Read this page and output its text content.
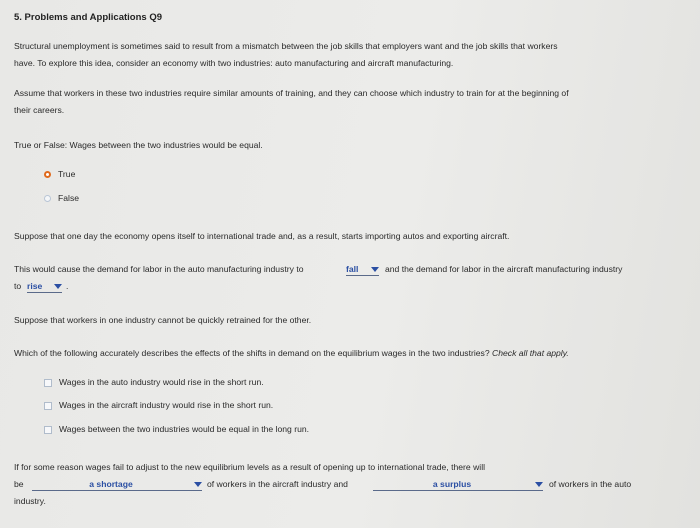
5. Problems and Applications Q9
Structural unemployment is sometimes said to result from a mismatch between the job skills that employers want and the job skills that workers
have. To explore this idea, consider an economy with two industries: auto manufacturing and aircraft manufacturing.
Assume that workers in these two industries require similar amounts of training, and they can choose which industry to train for at the beginning of
their careers.
True or False: Wages between the two industries would be equal.
True
False
Suppose that one day the economy opens itself to international trade and, as a result, starts importing autos and exporting aircraft.
This would cause the demand for labor in the auto manufacturing industry to	fall	and the demand for labor in the aircraft manufacturing industry
to rise	.
Suppose that workers in one industry cannot be quickly retrained for the other.
Which of the following accurately describes the effects of the shifts in demand on the equilibrium wages in the two industries? Check all that apply.
Wages in the auto industry would rise in the short run.
Wages in the aircraft industry would rise in the short run.
Wages between the two industries would be equal in the long run.
If for some reason wages fail to adjust to the new equilibrium levels as a result of opening up to international trade, there will
be	a shortage	of workers in the aircraft industry and	a surplus	of workers in the auto
industry.
